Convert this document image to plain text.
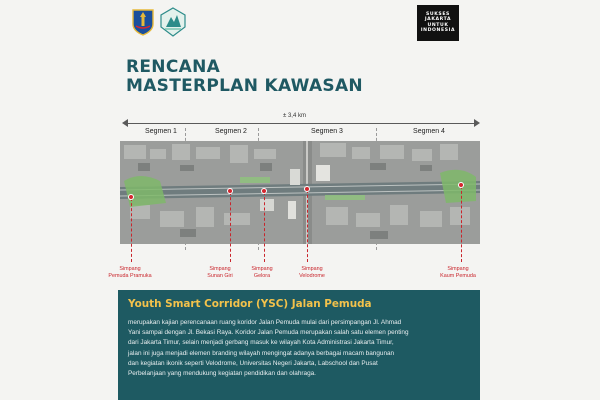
SUKSES
JAKARTA
UNTUK
INDONESIA
RENCANA
MASTERPLAN KAWASAN
± 3,4 km
Segmen 1	Segmen 2	Segmen 3	Segmen 4
Simpang
Pemuda Pramuka
Simpang
Sunan Giri
Simpang
Gelora
Simpang
Velodrome
Simpang
Kaum Pemuda
Youth Smart Corridor (YSC) Jalan Pemuda
merupakan kajian perencanaan ruang koridor Jalan Pemuda mulai dari persimpangan Jl. Ahmad
Yani sampai dengan Jl. Bekasi Raya. Koridor Jalan Pemuda merupakan salah satu elemen penting
dari Jakarta Timur, selain menjadi gerbang masuk ke wilayah Kota Administrasi Jakarta Timur,
jalan ini juga menjadi elemen branding wilayah mengingat adanya berbagai macam bangunan
dan kegiatan ikonik seperti Velodrome, Universitas Negeri Jakarta, Labschool dan Pusat
Perbelanjaan yang mendukung kegiatan pendidikan dan olahraga.
